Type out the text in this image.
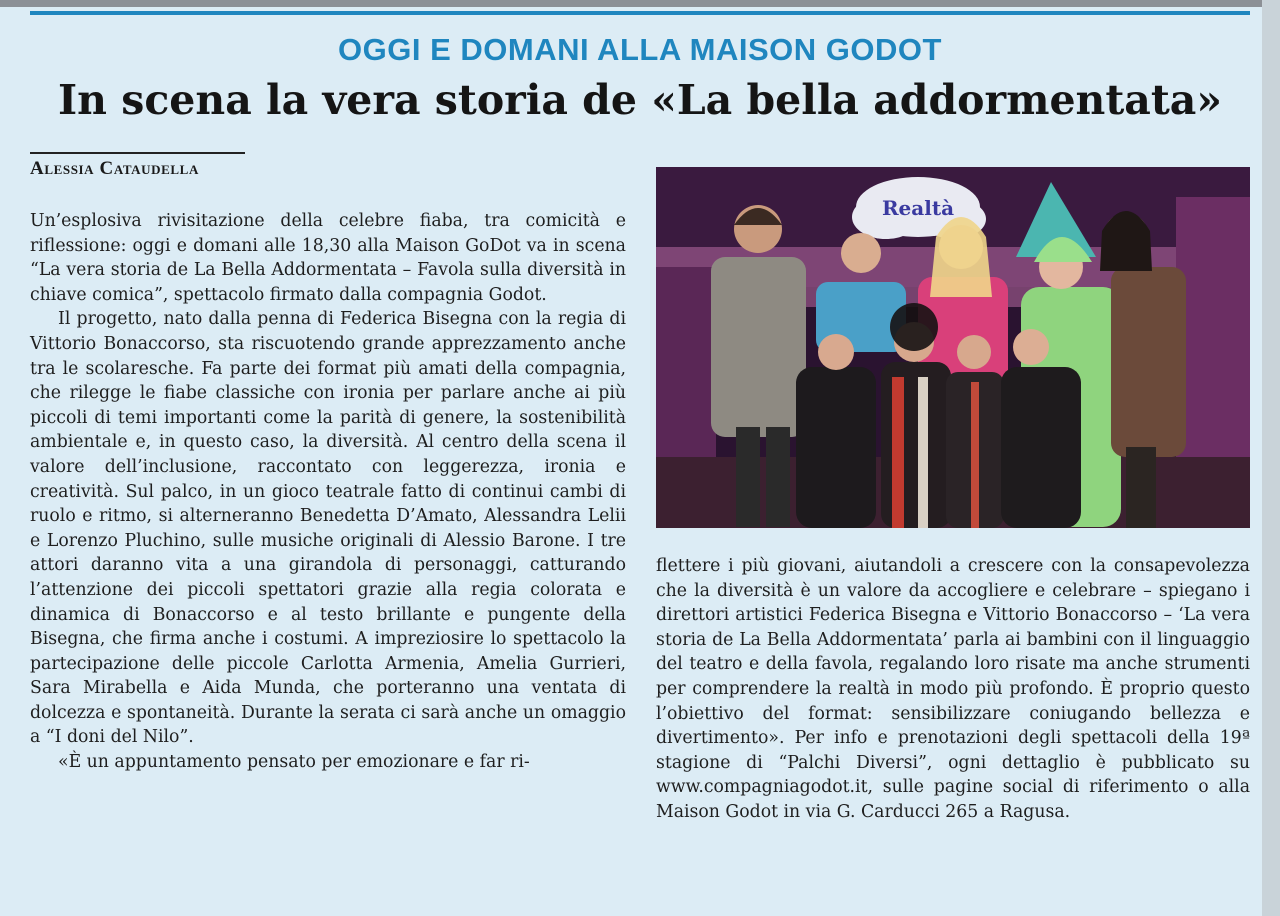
OGGI E DOMANI ALLA MAISON GODOT
In scena la vera storia de «La bella addormentata»
Alessia Cataudella

Un’esplosiva rivisitazione della celebre fiaba, tra comicità e riflessione: oggi e domani alle 18,30 alla Maison GoDot va in scena “La vera storia de La Bella Addormentata – Favola sulla diversità in chiave comica”, spettacolo firmato dalla compagnia Godot.

Il progetto, nato dalla penna di Federica Bisegna con la regia di Vittorio Bonaccorso, sta riscuotendo grande apprezzamento anche tra le scolaresche. Fa parte dei format più amati della compagnia, che rilegge le fiabe classiche con ironia per parlare anche ai più piccoli di temi importanti come la parità di genere, la sostenibilità ambientale e, in questo caso, la diversità. Al centro della scena il valore dell’inclusione, raccontato con leggerezza, ironia e creatività. Sul palco, in un gioco teatrale fatto di continui cambi di ruolo e ritmo, si alterneranno Benedetta D’Amato, Alessandra Lelii e Lorenzo Pluchino, sulle musiche originali di Alessio Barone. I tre attori daranno vita a una girandola di personaggi, catturando l’attenzione dei piccoli spettatori grazie alla regia colorata e dinamica di Bonaccorso e al testo brillante e pungente della Bisegna, che firma anche i costumi. A impreziosire lo spettacolo la partecipazione delle piccole Carlotta Armenia, Amelia Gurrieri, Sara Mirabella e Aida Munda, che porteranno una ventata di dolcezza e spontaneità. Durante la serata ci sarà anche un omaggio a “I doni del Nilo”.

«È un appuntamento pensato per emozionare e far ri-

Realtà

flettere i più giovani, aiutandoli a crescere con la consapevolezza che la diversità è un valore da accogliere e celebrare – spiegano i direttori artistici Federica Bisegna e Vittorio Bonaccorso – ‘La vera storia de La Bella Addormentata’ parla ai bambini con il linguaggio del teatro e della favola, regalando loro risate ma anche strumenti per comprendere la realtà in modo più profondo. È proprio questo l’obiettivo del format: sensibilizzare coniugando bellezza e divertimento». Per info e prenotazioni degli spettacoli della 19ª stagione di “Palchi Diversi”, ogni dettaglio è pubblicato su www.compagniagodot.it, sulle pagine social di riferimento o alla Maison Godot in via G. Carducci 265 a Ragusa.
